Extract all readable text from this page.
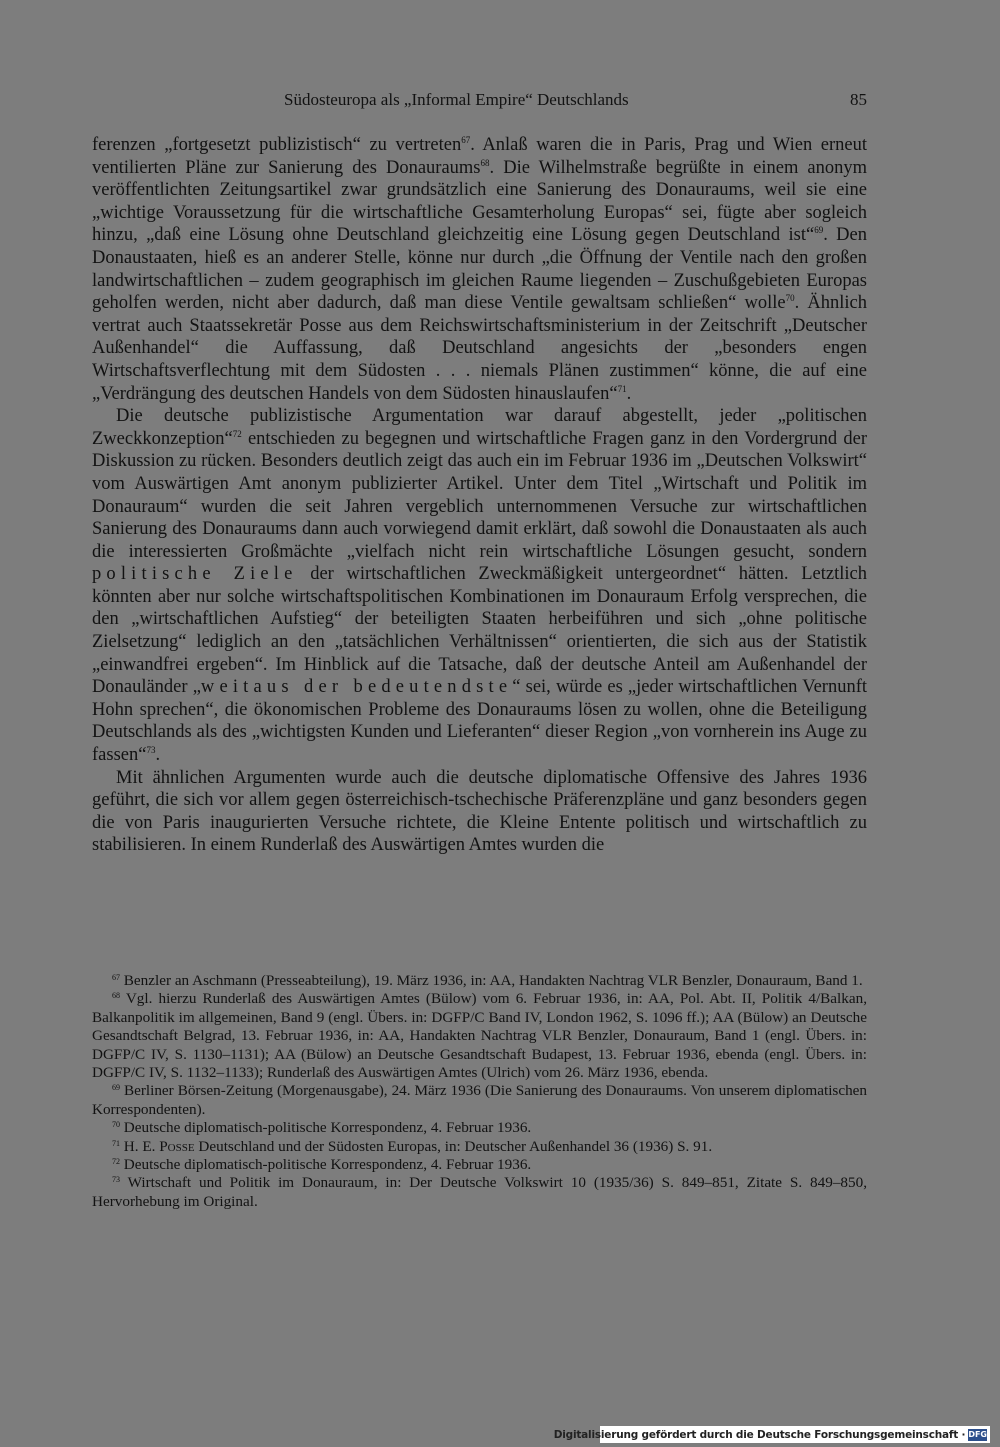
Südosteuropa als „Informal Empire“ Deutschlands	85

ferenzen „fortgesetzt publizistisch“ zu vertreten$^{67}$. Anlaß waren die in Paris, Prag und Wien erneut ventilierten Pläne zur Sanierung des Donauraums$^{68}$. Die Wilhelmstraße begrüßte in einem anonym veröffentlichten Zeitungsartikel zwar grundsätzlich eine Sanierung des Donauraums, weil sie eine „wichtige Voraussetzung für die wirtschaftliche Gesamterholung Europas“ sei, fügte aber sogleich hinzu, „daß eine Lösung ohne Deutschland gleichzeitig eine Lösung gegen Deutschland ist“$^{69}$. Den Donaustaaten, hieß es an anderer Stelle, könne nur durch „die Öffnung der Ventile nach den großen landwirtschaftlichen – zudem geographisch im gleichen Raume liegenden – Zuschußgebieten Europas geholfen werden, nicht aber dadurch, daß man diese Ventile gewaltsam schließen“ wolle$^{70}$. Ähnlich vertrat auch Staatssekretär Posse aus dem Reichswirtschaftsministerium in der Zeitschrift „Deutscher Außenhandel“ die Auffassung, daß Deutschland angesichts der „besonders engen Wirtschaftsverflechtung mit dem Südosten . . . niemals Plänen zustimmen“ könne, die auf eine „Verdrängung des deutschen Handels von dem Südosten hinauslaufen“$^{71}$.

Die deutsche publizistische Argumentation war darauf abgestellt, jeder „politischen Zweckkonzeption“$^{72}$ entschieden zu begegnen und wirtschaftliche Fragen ganz in den Vordergrund der Diskussion zu rücken. Besonders deutlich zeigt das auch ein im Februar 1936 im „Deutschen Volkswirt“ vom Auswärtigen Amt anonym publizierter Artikel. Unter dem Titel „Wirtschaft und Politik im Donauraum“ wurden die seit Jahren vergeblich unternommenen Versuche zur wirtschaftlichen Sanierung des Donauraums dann auch vorwiegend damit erklärt, daß sowohl die Donaustaaten als auch die interessierten Großmächte „vielfach nicht rein wirtschaftliche Lösungen gesucht, sondern politische Ziele der wirtschaftlichen Zweckmäßigkeit untergeordnet“ hätten. Letztlich könnten aber nur solche wirtschaftspolitischen Kombinationen im Donauraum Erfolg versprechen, die den „wirtschaftlichen Aufstieg“ der beteiligten Staaten herbeiführen und sich „ohne politische Zielsetzung“ lediglich an den „tatsächlichen Verhältnissen“ orientierten, die sich aus der Statistik „einwandfrei ergeben“. Im Hinblick auf die Tatsache, daß der deutsche Anteil am Außenhandel der Donauländer „weitaus der bedeutendste“ sei, würde es „jeder wirtschaftlichen Vernunft Hohn sprechen“, die ökonomischen Probleme des Donauraums lösen zu wollen, ohne die Beteiligung Deutschlands als des „wichtigsten Kunden und Lieferanten“ dieser Region „von vornherein ins Auge zu fassen“$^{73}$.

Mit ähnlichen Argumenten wurde auch die deutsche diplomatische Offensive des Jahres 1936 geführt, die sich vor allem gegen österreichisch-tschechische Präferenzpläne und ganz besonders gegen die von Paris inaugurierten Versuche richtete, die Kleine Entente politisch und wirtschaftlich zu stabilisieren. In einem Runderlaß des Auswärtigen Amtes wurden die

$^{67}$ Benzler an Aschmann (Presseabteilung), 19. März 1936, in: AA, Handakten Nachtrag VLR Benzler, Donauraum, Band 1.

$^{68}$ Vgl. hierzu Runderlaß des Auswärtigen Amtes (Bülow) vom 6. Februar 1936, in: AA, Pol. Abt. II, Politik 4/Balkan, Balkanpolitik im allgemeinen, Band 9 (engl. Übers. in: DGFP/C Band IV, London 1962, S. 1096 ff.); AA (Bülow) an Deutsche Gesandtschaft Belgrad, 13. Februar 1936, in: AA, Handakten Nachtrag VLR Benzler, Donauraum, Band 1 (engl. Übers. in: DGFP/C IV, S. 1130–1131); AA (Bülow) an Deutsche Gesandtschaft Budapest, 13. Februar 1936, ebenda (engl. Übers. in: DGFP/C IV, S. 1132–1133); Runderlaß des Auswärtigen Amtes (Ulrich) vom 26. März 1936, ebenda.

$^{69}$ Berliner Börsen-Zeitung (Morgenausgabe), 24. März 1936 (Die Sanierung des Donauraums. Von unserem diplomatischen Korrespondenten).

$^{70}$ Deutsche diplomatisch-politische Korrespondenz, 4. Februar 1936.

$^{71}$ H. E. Posse Deutschland und der Südosten Europas, in: Deutscher Außenhandel 36 (1936) S. 91.

$^{72}$ Deutsche diplomatisch-politische Korrespondenz, 4. Februar 1936.

$^{73}$ Wirtschaft und Politik im Donauraum, in: Der Deutsche Volkswirt 10 (1935/36) S. 849–851, Zitate S. 849–850, Hervorhebung im Original.

Digitalisierung gefördert durch die Deutsche Forschungsgemeinschaft · DFG
